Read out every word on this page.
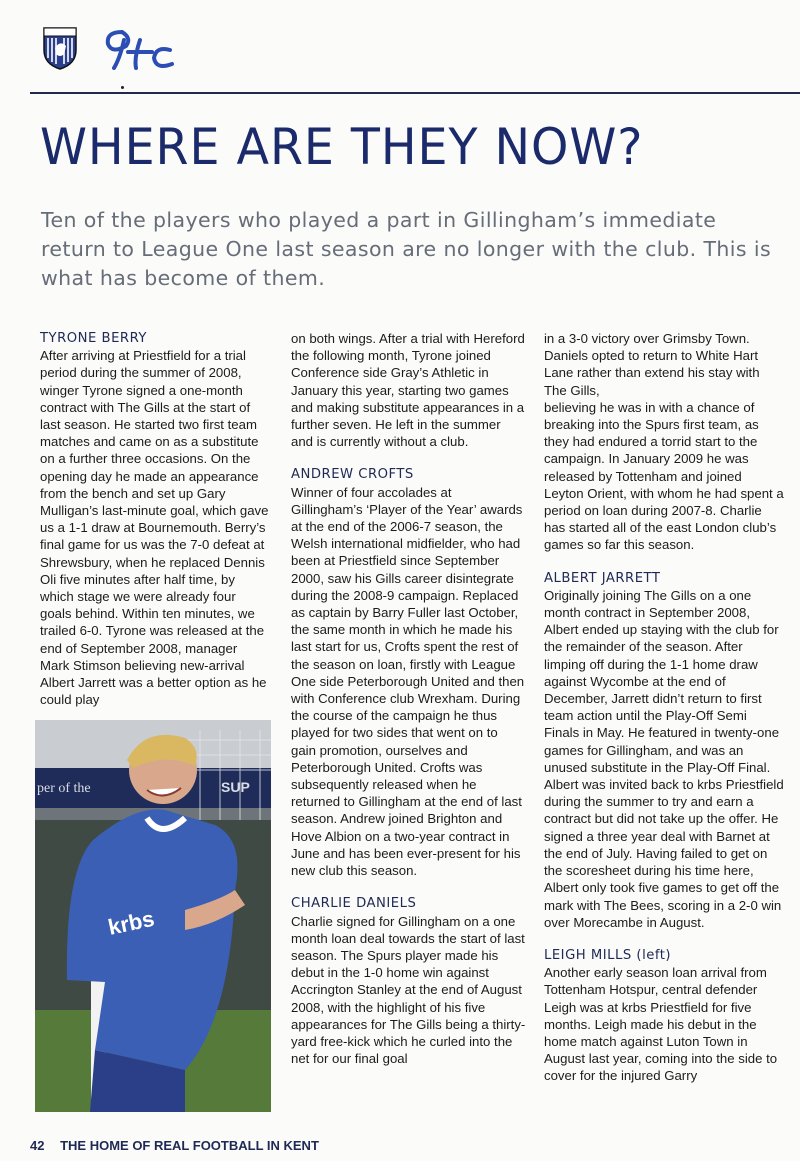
WHERE ARE THEY NOW?

Ten of the players who played a part in Gillingham’s immediate return to League One last season are no longer with the club. This is what has become of them.

TYRONE BERRY

After arriving at Priestfield for a trial period during the summer of 2008, winger Tyrone signed a one-month contract with The Gills at the start of last season. He started two first team matches and came on as a substitute on a further three occasions. On the opening day he made an appearance from the bench and set up Gary Mulligan’s last-minute goal, which gave us a 1-1 draw at Bournemouth. Berry’s final game for us was the 7-0 defeat at Shrewsbury, when he replaced Dennis Oli five minutes after half time, by which stage we were already four goals behind. Within ten minutes, we trailed 6-0. Tyrone was released at the end of September 2008, manager Mark Stimson believing new-arrival Albert Jarrett was a better option as he could play

per of the	SUP
krbs

on both wings. After a trial with Hereford the following month, Tyrone joined Conference side Gray’s Athletic in January this year, starting two games and making substitute appearances in a further seven. He left in the summer and is currently without a club.

ANDREW CROFTS

Winner of four accolades at Gillingham’s ‘Player of the Year’ awards at the end of the 2006-7 season, the Welsh international midfielder, who had been at Priestfield since September 2000, saw his Gills career disintegrate during the 2008-9 campaign. Replaced as captain by Barry Fuller last October, the same month in which he made his last start for us, Crofts spent the rest of the season on loan, firstly with League One side Peterborough United and then with Conference club Wrexham. During the course of the campaign he thus played for two sides that went on to gain promotion, ourselves and Peterborough United. Crofts was subsequently released when he returned to Gillingham at the end of last season. Andrew joined Brighton and Hove Albion on a two-year contract in June and has been ever-present for his new club this season.

CHARLIE DANIELS

Charlie signed for Gillingham on a one month loan deal towards the start of last season. The Spurs player made his debut in the 1-0 home win against Accrington Stanley at the end of August 2008, with the highlight of his five appearances for The Gills being a thirty-yard free-kick which he curled into the net for our final goal

in a 3-0 victory over Grimsby Town. Daniels opted to return to White Hart Lane rather than extend his stay with The Gills,

believing he was in with a chance of breaking into the Spurs first team, as they had endured a torrid start to the campaign. In January 2009 he was released by Tottenham and joined Leyton Orient, with whom he had spent a period on loan during 2007-8. Charlie has started all of the east London club’s games so far this season.

ALBERT JARRETT

Originally joining The Gills on a one month contract in September 2008, Albert ended up staying with the club for the remainder of the season. After limping off during the 1-1 home draw against Wycombe at the end of December, Jarrett didn’t return to first team action until the Play-Off Semi Finals in May. He featured in twenty-one games for Gillingham, and was an unused substitute in the Play-Off Final. Albert was invited back to krbs Priestfield during the summer to try and earn a contract but did not take up the offer. He signed a three year deal with Barnet at the end of July. Having failed to get on the scoresheet during his time here, Albert only took five games to get off the mark with The Bees, scoring in a 2-0 win over Morecambe in August.

LEIGH MILLS (left)

Another early season loan arrival from Tottenham Hotspur, central defender Leigh was at krbs Priestfield for five months. Leigh made his debut in the home match against Luton Town in August last year, coming into the side to cover for the injured Garry

42 THE HOME OF REAL FOOTBALL IN KENT
